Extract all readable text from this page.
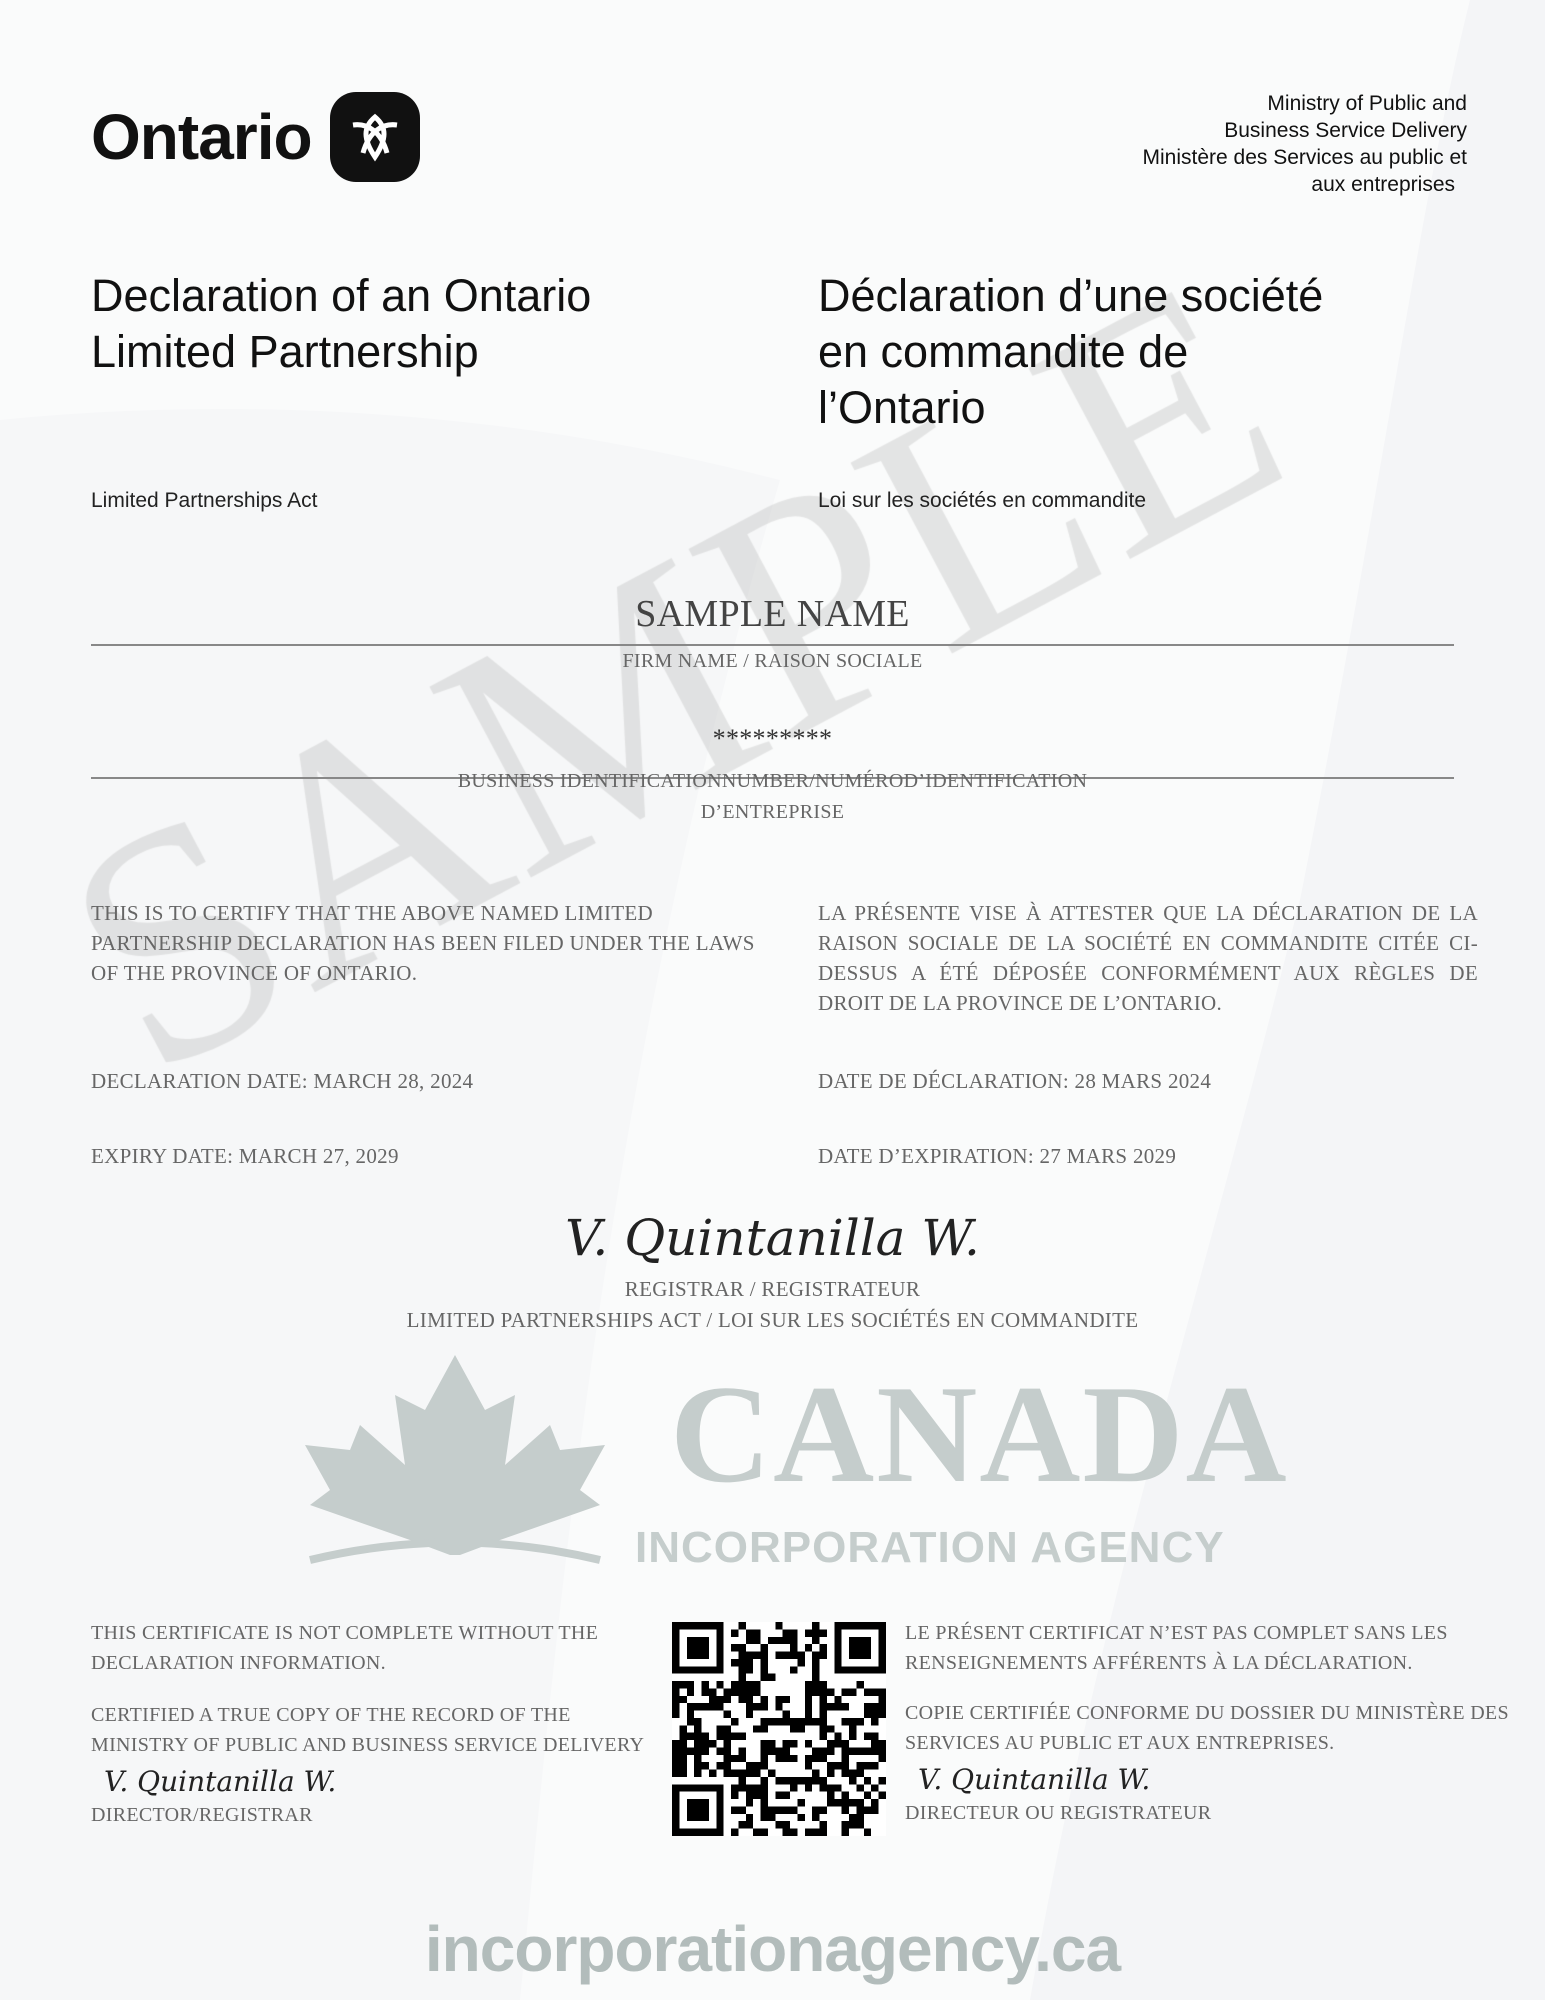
Ontario	Ministry of Public and
Business Service Delivery
Ministère des Services au public et
aux entreprises
Declaration of an Ontario
Limited Partnership
Déclaration d’une société
en commandite de
l’Ontario
Limited Partnerships Act	Loi sur les sociétés en commandite
SAMPLE NAME
FIRM NAME / RAISON SOCIALE
*********
BUSINESS IDENTIFICATIONNUMBER/NUMÉROD’IDENTIFICATION
D’ENTREPRISE
THIS IS TO CERTIFY THAT THE ABOVE NAMED LIMITED PARTNERSHIP DECLARATION HAS BEEN FILED UNDER THE LAWS OF THE PROVINCE OF ONTARIO.
LA PRÉSENTE VISE À ATTESTER QUE LA DÉCLARATION DE LA RAISON SOCIALE DE LA SOCIÉTÉ EN COMMANDITE CITÉE CI-DESSUS A ÉTÉ DÉPOSÉE CONFORMÉMENT AUX RÈGLES DE DROIT DE LA PROVINCE DE L’ONTARIO.
DECLARATION DATE: MARCH 28, 2024	DATE DE DÉCLARATION: 28 MARS 2024
EXPIRY DATE: MARCH 27, 2029	DATE D’EXPIRATION: 27 MARS 2029
V. Quintanilla W.
REGISTRAR / REGISTRATEUR
LIMITED PARTNERSHIPS ACT / LOI SUR LES SOCIÉTÉS EN COMMANDITE
CANADA
INCORPORATION AGENCY
THIS CERTIFICATE IS NOT COMPLETE WITHOUT THE DECLARATION INFORMATION.
CERTIFIED A TRUE COPY OF THE RECORD OF THE MINISTRY OF PUBLIC AND BUSINESS SERVICE DELIVERY
V. Quintanilla W.
DIRECTOR/REGISTRAR
LE PRÉSENT CERTIFICAT N’EST PAS COMPLET SANS LES RENSEIGNEMENTS AFFÉRENTS À LA DÉCLARATION.
COPIE CERTIFIÉE CONFORME DU DOSSIER DU MINISTÈRE DES SERVICES AU PUBLIC ET AUX ENTREPRISES.
V. Quintanilla W.
DIRECTEUR OU REGISTRATEUR
incorporationagency.ca
